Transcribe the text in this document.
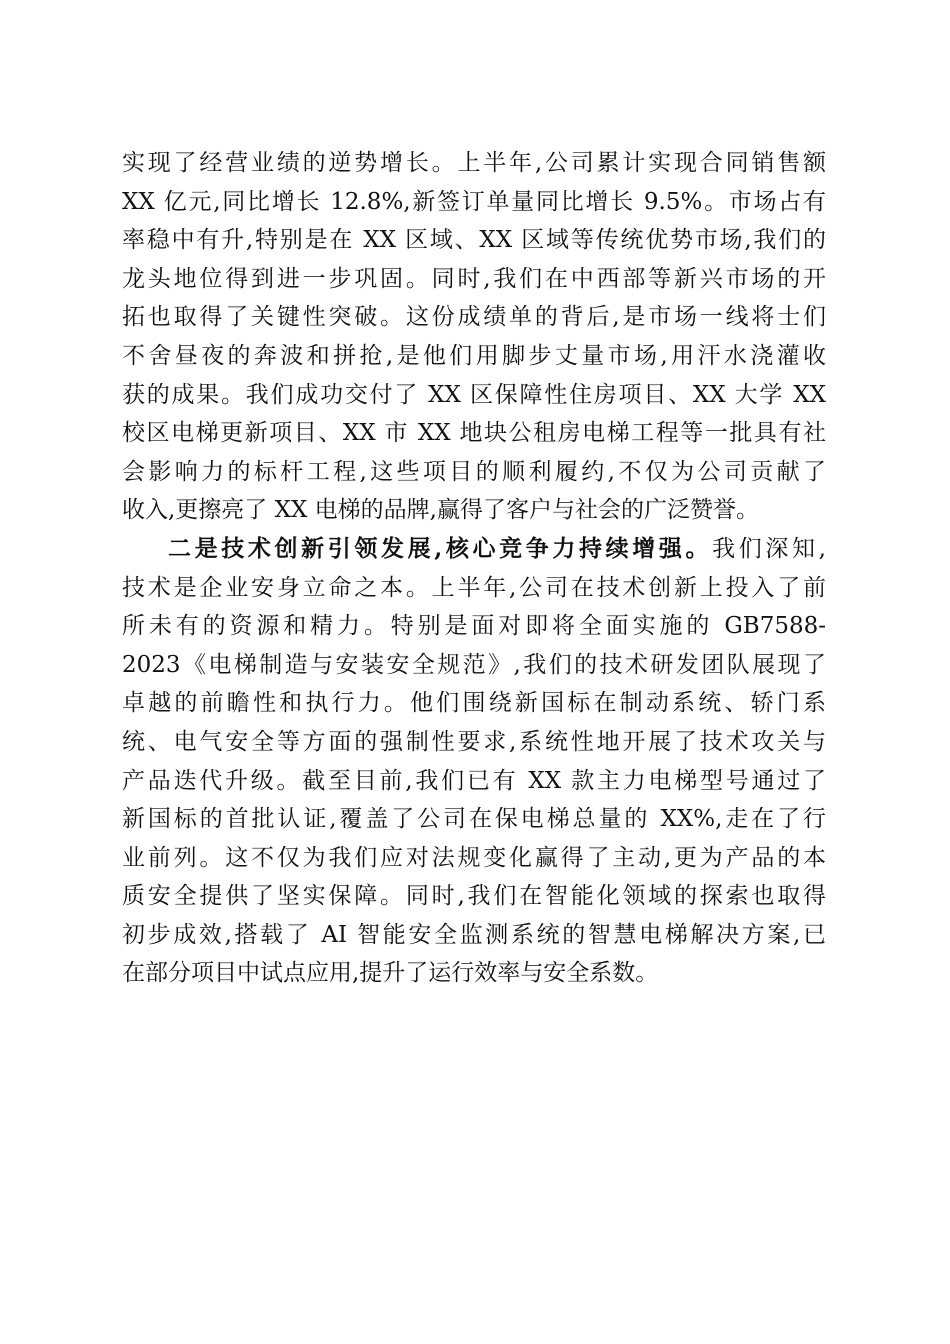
实现了经营业绩的逆势增长。上半年,公司累计实现合同销售额
XX 亿元,同比增长 12.8%,新签订单量同比增长 9.5%。市场占有
率稳中有升,特别是在 XX 区域、XX 区域等传统优势市场,我们的
龙头地位得到进一步巩固。同时,我们在中西部等新兴市场的开
拓也取得了关键性突破。这份成绩单的背后,是市场一线将士们
不舍昼夜的奔波和拼抢,是他们用脚步丈量市场,用汗水浇灌收
获的成果。我们成功交付了 XX 区保障性住房项目、XX 大学 XX
校区电梯更新项目、XX 市 XX 地块公租房电梯工程等一批具有社
会影响力的标杆工程,这些项目的顺利履约,不仅为公司贡献了
收入,更擦亮了 XX 电梯的品牌,赢得了客户与社会的广泛赞誉。
二是技术创新引领发展,核心竞争力持续增强。我们深知,
技术是企业安身立命之本。上半年,公司在技术创新上投入了前
所未有的资源和精力。特别是面对即将全面实施的 GB7588-
2023《电梯制造与安装安全规范》,我们的技术研发团队展现了
卓越的前瞻性和执行力。他们围绕新国标在制动系统、轿门系
统、电气安全等方面的强制性要求,系统性地开展了技术攻关与
产品迭代升级。截至目前,我们已有 XX 款主力电梯型号通过了
新国标的首批认证,覆盖了公司在保电梯总量的 XX%,走在了行
业前列。这不仅为我们应对法规变化赢得了主动,更为产品的本
质安全提供了坚实保障。同时,我们在智能化领域的探索也取得
初步成效,搭载了 AI 智能安全监测系统的智慧电梯解决方案,已
在部分项目中试点应用,提升了运行效率与安全系数。
